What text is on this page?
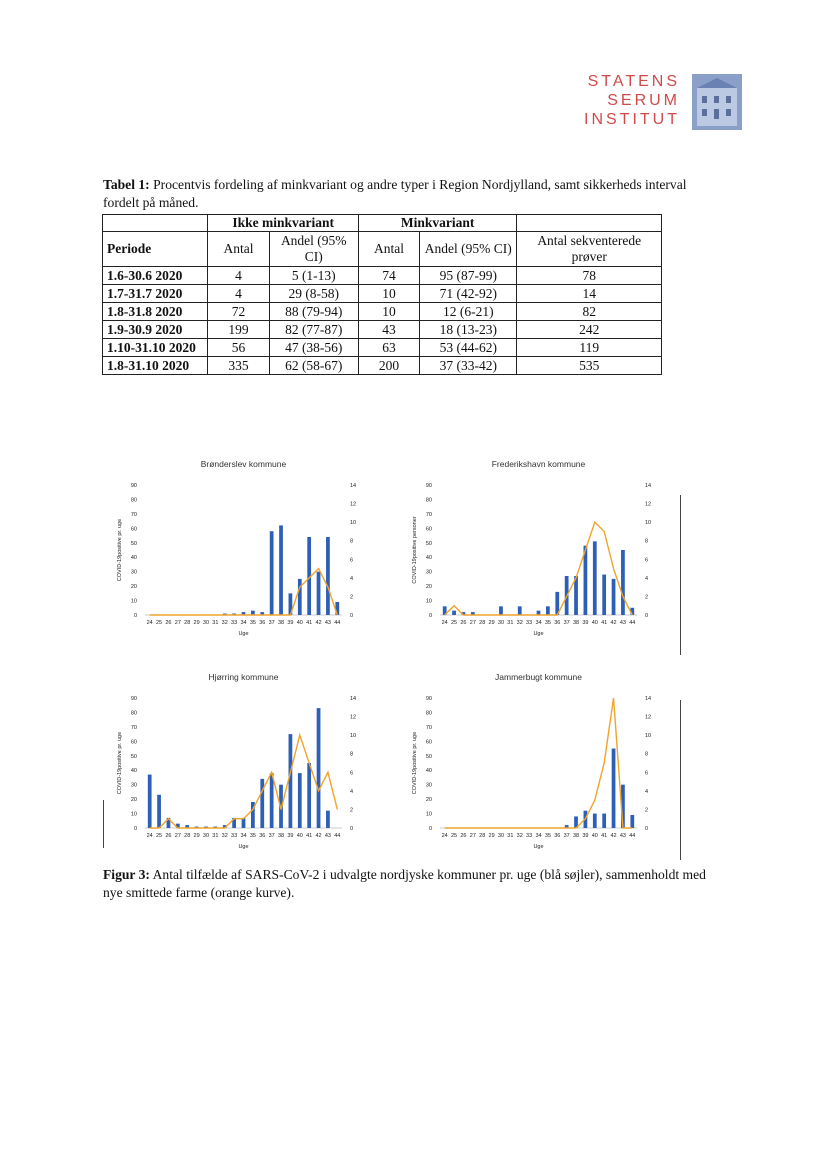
STATENS
SERUM
INSTITUT
Tabel 1: Procentvis fordeling af minkvariant og andre typer i Region Nordjylland, samt sikkerheds interval fordelt på måned.
	Ikke minkvariant		Minkvariant		
Periode	Antal	Andel (95% CI)	Antal	Andel (95% CI)	Antal sekventerede prøver
1.6-30.6 2020	4	5 (1-13)	74	95 (87-99)	78
1.7-31.7 2020	4	29 (8-58)	10	71 (42-92)	14
1.8-31.8 2020	72	88 (79-94)	10	12 (6-21)	82
1.9-30.9 2020	199	82 (77-87)	43	18 (13-23)	242
1.10-31.10 2020	56	47 (38-56)	63	53 (44-62)	119
1.8-31.10 2020	335	62 (58-67)	200	37 (33-42)	535
Brønderslev kommune
0
10
20
30
40
50
60
70
80
90
0
2
4
6
8
10
12
14
COVID-19positive pr. uge
24 25 26 27 28 29 30 31 32 33 34 35 36 37 38 39 40 41 42 43 44
Uge
Frederikshavn kommune
0
10
20
30
40
50
60
70
80
90
0
2
4
6
8
10
12
14
COVID-19positive personer
24 25 26 27 28 29 30 31 32 33 34 35 36 37 38 39 40 41 42 43 44
Uge
Hjørring kommune
0
10
20
30
40
50
60
70
80
90
0
2
4
6
8
10
12
14
COVID-19positive pr. uge
24 25 26 27 28 29 30 31 32 33 34 35 36 37 38 39 40 41 42 43 44
Uge
Jammerbugt kommune
0
10
20
30
40
50
60
70
80
90
0
2
4
6
8
10
12
14
COVID-19positive pr. uge
24 25 26 27 28 29 30 31 32 33 34 35 36 37 38 39 40 41 42 43 44
Uge
Figur 3: Antal tilfælde af SARS-CoV-2 i udvalgte nordjyske kommuner pr. uge (blå søjler), sammenholdt med nye smittede farme (orange kurve).
